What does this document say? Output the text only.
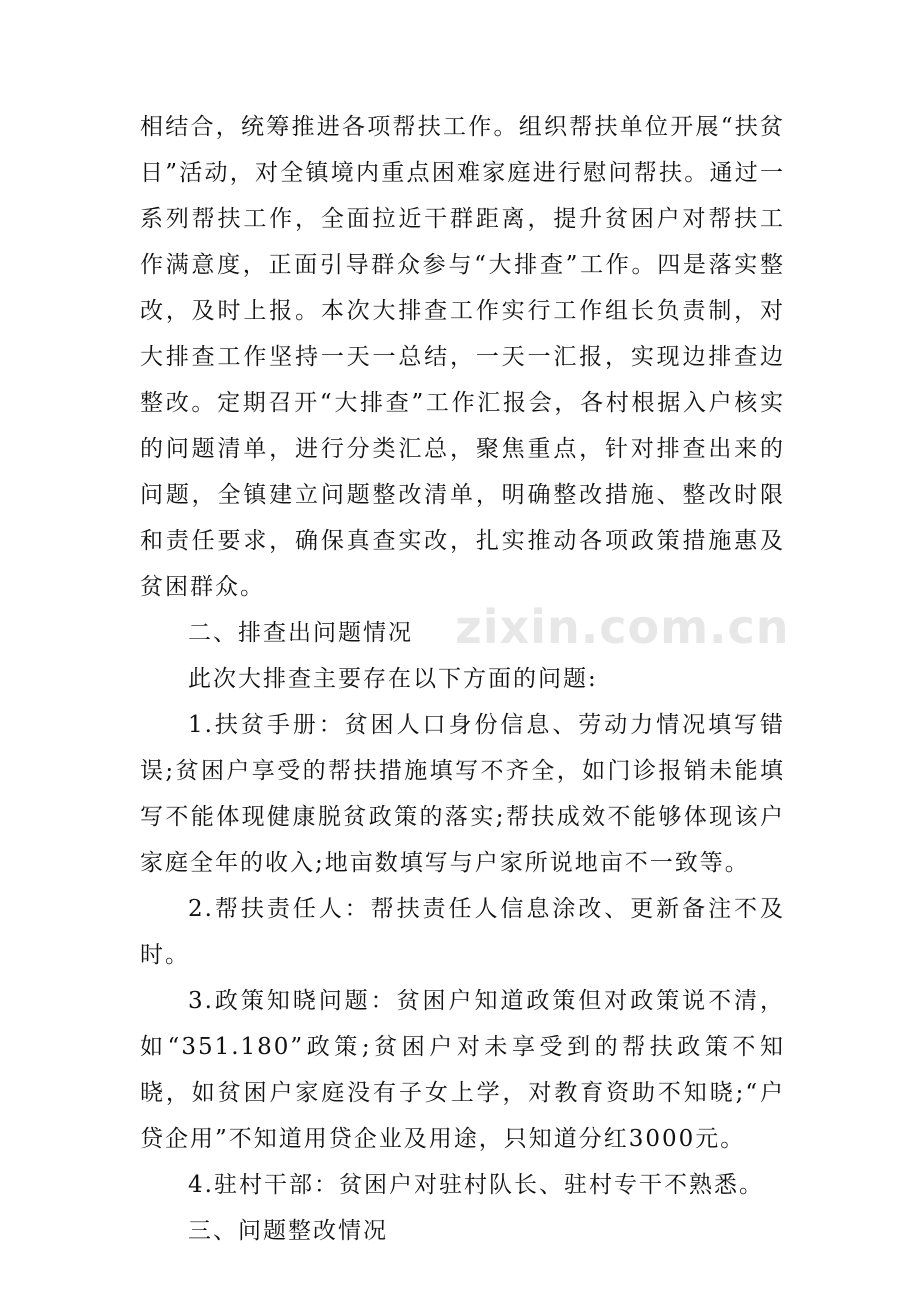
相结合，统筹推进各项帮扶工作。组织帮扶单位开展“扶贫日”活动，对全镇境内重点困难家庭进行慰问帮扶。通过一系列帮扶工作，全面拉近干群距离，提升贫困户对帮扶工作满意度，正面引导群众参与“大排查”工作。四是落实整改，及时上报。本次大排查工作实行工作组长负责制，对大排查工作坚持一天一总结，一天一汇报，实现边排查边整改。定期召开“大排查”工作汇报会，各村根据入户核实的问题清单，进行分类汇总，聚焦重点，针对排查出来的问题，全镇建立问题整改清单，明确整改措施、整改时限和责任要求，确保真查实改，扎实推动各项政策措施惠及贫困群众。

二、排查出问题情况

此次大排查主要存在以下方面的问题:

1.扶贫手册：贫困人口身份信息、劳动力情况填写错误;贫困户享受的帮扶措施填写不齐全，如门诊报销未能填写不能体现健康脱贫政策的落实;帮扶成效不能够体现该户家庭全年的收入;地亩数填写与户家所说地亩不一致等。

2.帮扶责任人：帮扶责任人信息涂改、更新备注不及时。

3.政策知晓问题：贫困户知道政策但对政策说不清，如“351.180”政策;贫困户对未享受到的帮扶政策不知晓，如贫困户家庭没有子女上学，对教育资助不知晓;“户贷企用”不知道用贷企业及用途，只知道分红3000元。

4.驻村干部：贫困户对驻村队长、驻村专干不熟悉。

三、问题整改情况

zixin.com.cn
